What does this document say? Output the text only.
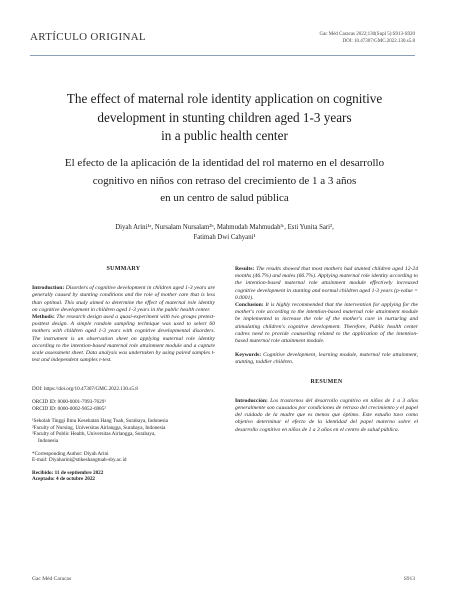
ARTÍCULO ORIGINAL	Gac Méd Caracas 2022;130(Supl 5):S913-S920
DOI: 10.47307/GMC.2022.130.s5.8
The effect of maternal role identity application on cognitive
development in stunting children aged 1-3 years
in a public health center
El efecto de la aplicación de la identidad del rol materno en el desarrollo
cognitivo en niños con retraso del crecimiento de 1 a 3 años
en un centro de salud pública
Diyah Arini¹ᵃ, Nursalam Nursalam²ᵇ, Mahmudah Mahmudah³ᶜ, Esti Yunita Sari²,
Fatimah Dwi Cahyani¹
SUMMARY
Introduction: Disorders of cognitive development in children aged 1-3 years are generally caused by stunting conditions and the role of mother care that is less than optimal. This study aimed to determine the effect of maternal role identity on cognitive development in children aged 1-3 years in the public health center.
Methods: The research design used a quasi-experiment with two groups pretest-posttest design. A simple random sampling technique was used to select 60 mothers with children aged 1-3 years with cognitive developmental disorders. The instrument is an observation sheet on applying maternal role identity according to the intention-based maternal role attainment module and a capture scale assessment sheet. Data analysis was undertaken by using paired samples t-test and independent samples t-test.
DOI: https://doi.org/10.47307/GMC.2022.130.s5.8
ORCID ID: 0000-0001-7993-7629¹
ORCID ID: 0000-0002-9052-6985²
¹Sekolah Tinggi Ilmu Kesehatan Hang Tuah, Surabaya, Indonesia
²Faculty of Nursing, Universitas Airlangga, Surabaya, Indonesia
³Faculty of Public Health, Universitas Airlangga, Surabaya,
Indonesia
*Corresponding Author: Diyah Arini
E-mail: Diyaharini@stikeshangtuah-sby.ac.id
Recibido: 11 de septiembre 2022
Aceptado: 4 de octubre 2022
Results: The results showed that most mothers had stunted children aged 12-24 months (46.7%) and males (66.7%). Applying maternal role identity according to the intention-based maternal role attainment module effectively increased cognitive development in stunting and normal children aged 1-3 years (p-value = 0.0001).
Conclusion: It is highly recommended that the intervention for applying for the mother's role according to the intention-based maternal role attainment module be implemented to increase the role of the mother's care in nurturing and stimulating children's cognitive development. Therefore, Public health center cadres need to provide counseling related to the application of the intention-based maternal role attainment module.
Keywords: Cognitive development, learning module, maternal role attainment, stunting, toddler children.
RESUMEN
Introducción: Los trastornos del desarrollo cognitivo en niños de 1 a 3 años generalmente son causados por condiciones de retraso del crecimiento y el papel del cuidado de la madre que es menos que óptimo. Este estudio tuvo como objetivo determinar el efecto de la identidad del papel materno sobre el desarrollo cognitivo en niños de 1 a 3 años en el centro de salud pública.
Gac Méd Caracas	S913
